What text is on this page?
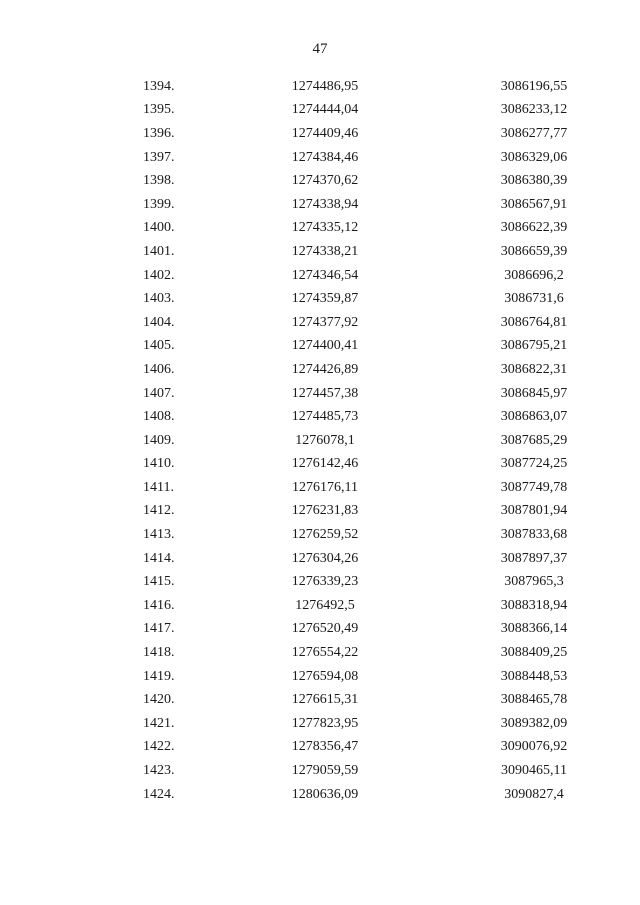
47
1394.	1274486,95	3086196,55
1395.	1274444,04	3086233,12
1396.	1274409,46	3086277,77
1397.	1274384,46	3086329,06
1398.	1274370,62	3086380,39
1399.	1274338,94	3086567,91
1400.	1274335,12	3086622,39
1401.	1274338,21	3086659,39
1402.	1274346,54	3086696,2
1403.	1274359,87	3086731,6
1404.	1274377,92	3086764,81
1405.	1274400,41	3086795,21
1406.	1274426,89	3086822,31
1407.	1274457,38	3086845,97
1408.	1274485,73	3086863,07
1409.	1276078,1	3087685,29
1410.	1276142,46	3087724,25
1411.	1276176,11	3087749,78
1412.	1276231,83	3087801,94
1413.	1276259,52	3087833,68
1414.	1276304,26	3087897,37
1415.	1276339,23	3087965,3
1416.	1276492,5	3088318,94
1417.	1276520,49	3088366,14
1418.	1276554,22	3088409,25
1419.	1276594,08	3088448,53
1420.	1276615,31	3088465,78
1421.	1277823,95	3089382,09
1422.	1278356,47	3090076,92
1423.	1279059,59	3090465,11
1424.	1280636,09	3090827,4
